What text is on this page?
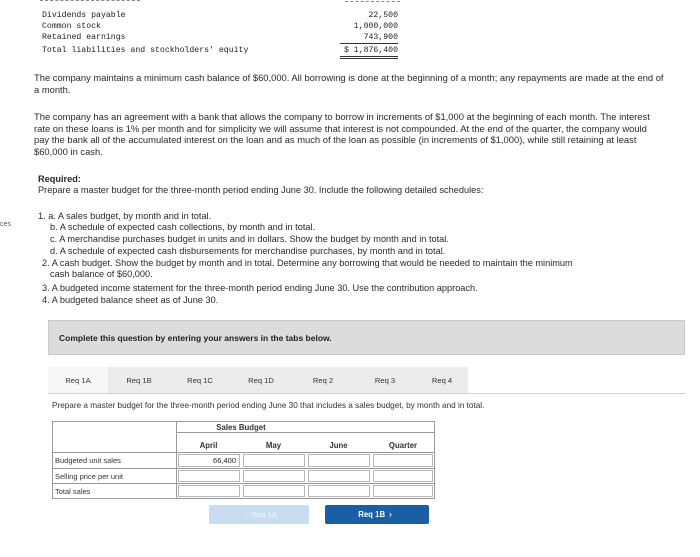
Dividends payable	22,500
Common stock	1,000,000
Retained earnings	743,900
Total liabilities and stockholders' equity	$ 1,876,400
The company maintains a minimum cash balance of $60,000. All borrowing is done at the beginning of a month; any repayments are made at the end of a month.
The company has an agreement with a bank that allows the company to borrow in increments of $1,000 at the beginning of each month. The interest rate on these loans is 1% per month and for simplicity we will assume that interest is not compounded. At the end of the quarter, the company would pay the bank all of the accumulated interest on the loan and as much of the loan as possible (in increments of $1,000), while still retaining at least $60,000 in cash.
ces
Required:
Prepare a master budget for the three-month period ending June 30. Include the following detailed schedules:
1. a. A sales budget, by month and in total.
b. A schedule of expected cash collections, by month and in total.
c. A merchandise purchases budget in units and in dollars. Show the budget by month and in total.
d. A schedule of expected cash disbursements for merchandise purchases, by month and in total.
2. A cash budget. Show the budget by month and in total. Determine any borrowing that would be needed to maintain the minimum
cash balance of $60,000.
3. A budgeted income statement for the three-month period ending June 30. Use the contribution approach.
4. A budgeted balance sheet as of June 30.
Complete this question by entering your answers in the tabs below.
Req 1A	Req 1B	Req 1C	Req 1D	Req 2	Req 3	Req 4
Prepare a master budget for the three-month period ending June 30 that includes a sales budget, by month and in total.
Sales Budget
April	May	June	Quarter
Budgeted unit sales	66,400
Selling price per unit
Total sales
‹ Req 1A	Req 1B ›
